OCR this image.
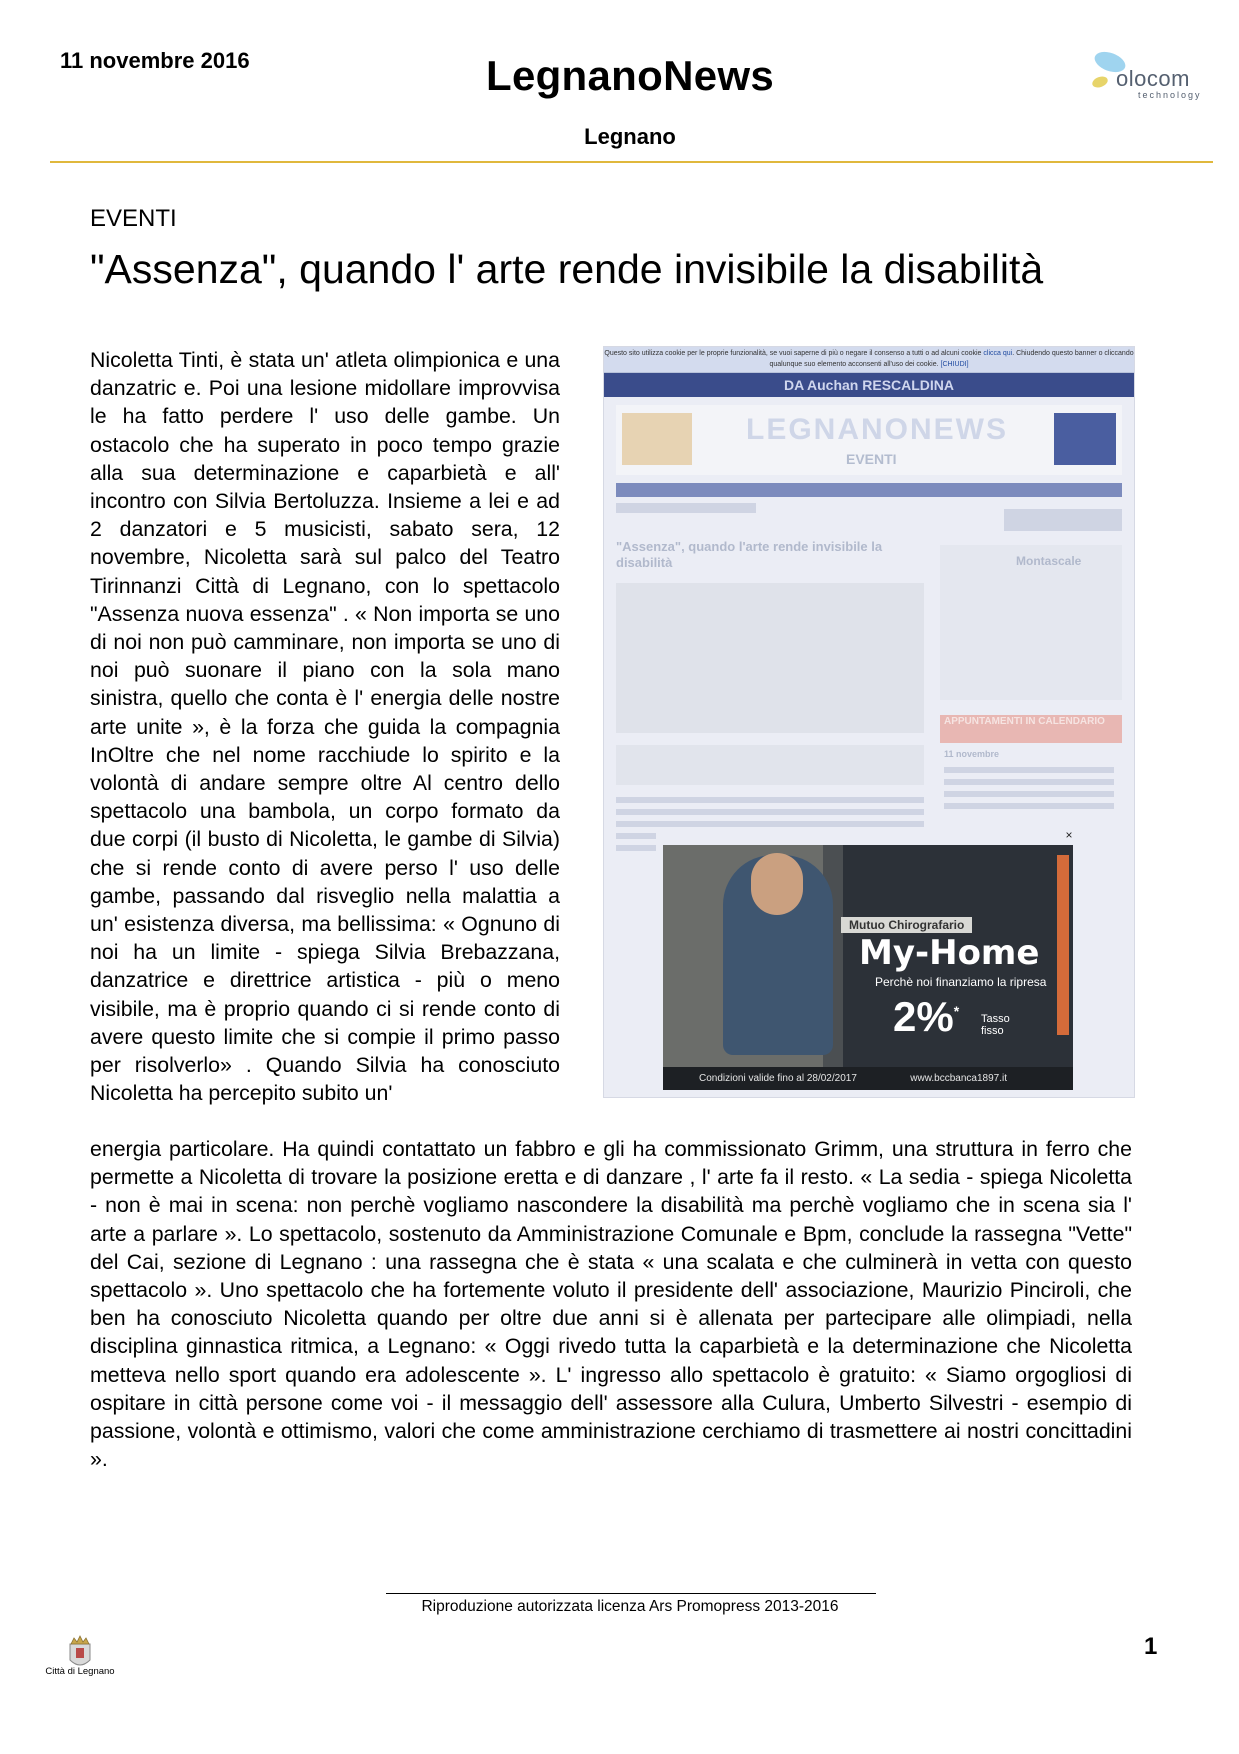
11 novembre 2016	LegnanoNews
Legnano
olocom
technology
EVENTI
"Assenza", quando l' arte rende invisibile la disabilità
Nicoletta Tinti, è stata un' atleta olimpionica e una danzatric e. Poi una lesione midollare improvvisa le ha fatto perdere l' uso delle gambe. Un ostacolo che ha superato in poco tempo grazie alla sua determinazione e caparbietà e all' incontro con Silvia Bertoluzza. Insieme a lei e ad 2 danzatori e 5 musicisti, sabato sera, 12 novembre, Nicoletta sarà sul palco del Teatro Tirinnanzi Città di Legnano, con lo spettacolo "Assenza nuova essenza" . « Non importa se uno di noi non può camminare, non importa se uno di noi può suonare il piano con la sola mano sinistra, quello che conta è l' energia delle nostre arte unite », è la forza che guida la compagnia InOltre che nel nome racchiude lo spirito e la volontà di andare sempre oltre Al centro dello spettacolo una bambola, un corpo formato da due corpi (il busto di Nicoletta, le gambe di Silvia) che si rende conto di avere perso l' uso delle gambe, passando dal risveglio nella malattia a un' esistenza diversa, ma bellissima: « Ognuno di noi ha un limite - spiega Silvia Brebazzana, danzatrice e direttrice artistica - più o meno visibile, ma è proprio quando ci si rende conto di avere questo limite che si compie il primo passo per risolverlo» . Quando Silvia ha conosciuto Nicoletta ha percepito subito un'
energia particolare. Ha quindi contattato un fabbro e gli ha commissionato Grimm, una struttura in ferro che permette a Nicoletta di trovare la posizione eretta e di danzare , l' arte fa il resto. « La sedia - spiega Nicoletta - non è mai in scena: non perchè vogliamo nascondere la disabilità ma perchè vogliamo che in scena sia l' arte a parlare ». Lo spettacolo, sostenuto da Amministrazione Comunale e Bpm, conclude la rassegna "Vette" del Cai, sezione di Legnano : una rassegna che è stata « una scalata e che culminerà in vetta con questo spettacolo ». Uno spettacolo che ha fortemente voluto il presidente dell' associazione, Maurizio Pinciroli, che ben ha conosciuto Nicoletta quando per oltre due anni si è allenata per partecipare alle olimpiadi, nella disciplina ginnastica ritmica, a Legnano: « Oggi rivedo tutta la caparbietà e la determinazione che Nicoletta metteva nello sport quando era adolescente ». L' ingresso allo spettacolo è gratuito: « Siamo orgogliosi di ospitare in città persone come voi - il messaggio dell' assessore alla Culura, Umberto Silvestri - esempio di passione, volontà e ottimismo, valori che come amministrazione cerchiamo di trasmettere ai nostri concittadini ».
Questo sito utilizza cookie per le proprie funzionalità, se vuoi saperne di più o negare il consenso a tutti o ad alcuni cookie clicca qui. Chiudendo questo banner o cliccando qualunque suo elemento acconsenti all'uso dei cookie. [CHIUDI]
DA Auchan RESCALDINA
LEGNANONEWS
EVENTI
"Assenza", quando l'arte rende invisibile la disabilità	Montascale
APPUNTAMENTI IN CALENDARIO
11 novembre
×
Mutuo Chirografario
My-Home
Perchè noi finanziamo la ripresa
2%* Tasso fisso
Condizioni valide fino al 28/02/2017	www.bccbanca1897.it
Riproduzione autorizzata licenza Ars Promopress 2013-2016
1
Città di Legnano
